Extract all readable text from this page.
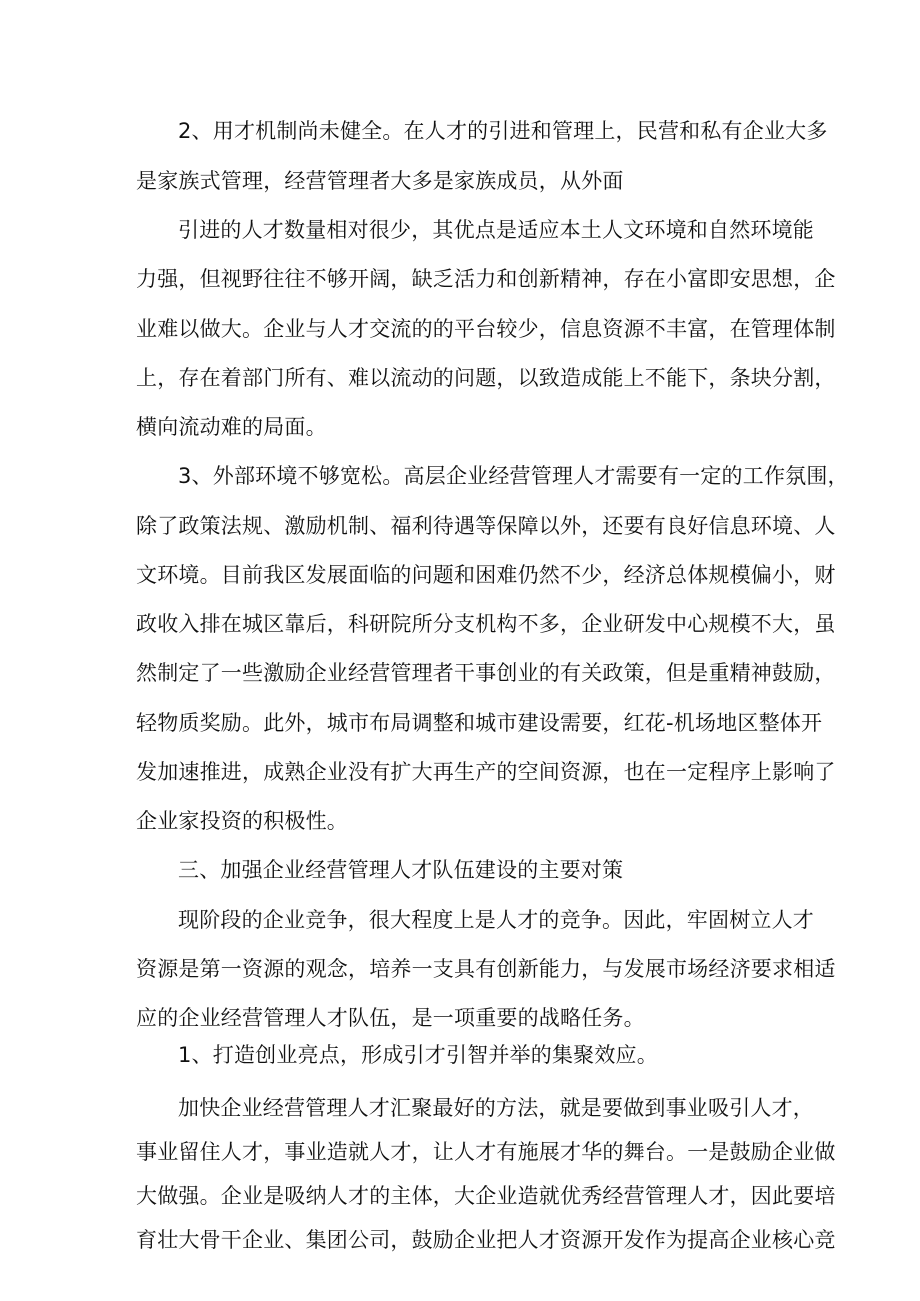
2、用才机制尚未健全。在人才的引进和管理上，民营和私有企业大多
是家族式管理，经营管理者大多是家族成员，从外面
引进的人才数量相对很少，其优点是适应本土人文环境和自然环境能
力强，但视野往往不够开阔，缺乏活力和创新精神，存在小富即安思想，企
业难以做大。企业与人才交流的的平台较少，信息资源不丰富，在管理体制
上，存在着部门所有、难以流动的问题，以致造成能上不能下，条块分割，
横向流动难的局面。
3、外部环境不够宽松。高层企业经营管理人才需要有一定的工作氛围，
除了政策法规、激励机制、福利待遇等保障以外，还要有良好信息环境、人
文环境。目前我区发展面临的问题和困难仍然不少，经济总体规模偏小，财
政收入排在城区靠后，科研院所分支机构不多，企业研发中心规模不大，虽
然制定了一些激励企业经营管理者干事创业的有关政策，但是重精神鼓励，
轻物质奖励。此外，城市布局调整和城市建设需要，红花-机场地区整体开
发加速推进，成熟企业没有扩大再生产的空间资源，也在一定程序上影响了
企业家投资的积极性。
三、加强企业经营管理人才队伍建设的主要对策
现阶段的企业竞争，很大程度上是人才的竞争。因此，牢固树立人才
资源是第一资源的观念，培养一支具有创新能力，与发展市场经济要求相适
应的企业经营管理人才队伍，是一项重要的战略任务。
1、打造创业亮点，形成引才引智并举的集聚效应。
加快企业经营管理人才汇聚最好的方法，就是要做到事业吸引人才，
事业留住人才，事业造就人才，让人才有施展才华的舞台。一是鼓励企业做
大做强。企业是吸纳人才的主体，大企业造就优秀经营管理人才，因此要培
育壮大骨干企业、集团公司，鼓励企业把人才资源开发作为提高企业核心竞
